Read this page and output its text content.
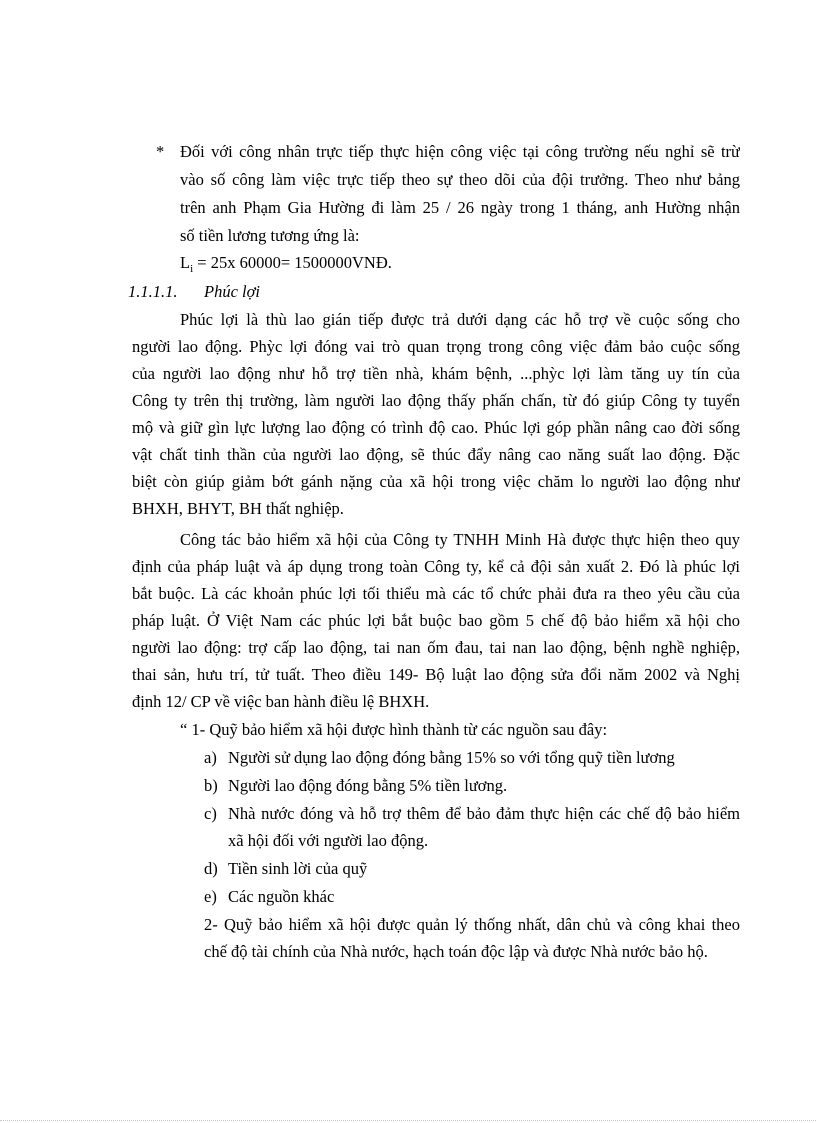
* Đối với công nhân trực tiếp thực hiện công việc tại công trường nếu nghỉ sẽ trừ
vào số công làm việc trực tiếp theo sự theo dõi của đội trưởng. Theo như bảng
trên anh Phạm Gia Hường đi làm 25 / 26 ngày trong 1 tháng, anh Hường nhận
số tiền lương tương ứng là:
$L_i = 25x$ 60000= 1500000VNĐ.
1.1.1.1. Phúc lợi
Phúc lợi là thù lao gián tiếp được trả dưới dạng các hỗ trợ về cuộc sống cho
người lao động. Phỳc lợi đóng vai trò quan trọng trong công việc đảm bảo cuộc sống
của người lao động như hỗ trợ tiền nhà, khám bệnh, ...phỳc lợi làm tăng uy tín của
Công ty trên thị trường, làm người lao động thấy phấn chấn, từ đó giúp Công ty tuyển
mộ và giữ gìn lực lượng lao động có trình độ cao. Phúc lợi góp phần nâng cao đời sống
vật chất tinh thần của người lao động, sẽ thúc đẩy nâng cao năng suất lao động. Đặc
biệt còn giúp giảm bớt gánh nặng của xã hội trong việc chăm lo người lao động như
BHXH, BHYT, BH thất nghiệp.
Công tác bảo hiểm xã hội của Công ty TNHH Minh Hà được thực hiện theo quy
định của pháp luật và áp dụng trong toàn Công ty, kể cả đội sản xuất 2. Đó là phúc lợi
bắt buộc. Là các khoản phúc lợi tối thiểu mà các tổ chức phải đưa ra theo yêu cầu của
pháp luật. Ở Việt Nam các phúc lợi bắt buộc bao gồm 5 chế độ bảo hiểm xã hội cho
người lao động: trợ cấp lao động, tai nan ốm đau, tai nan lao động, bệnh nghề nghiệp,
thai sản, hưu trí, tử tuất. Theo điều 149- Bộ luật lao động sửa đổi năm 2002 và Nghị
định 12/ CP về việc ban hành điều lệ BHXH.
“ 1- Quỹ bảo hiểm xã hội được hình thành từ các nguồn sau đây:
a) Người sử dụng lao động đóng bằng 15% so với tổng quỹ tiền lương
b) Người lao động đóng bằng 5% tiền lương.
c) Nhà nước đóng và hỗ trợ thêm để bảo đảm thực hiện các chế độ bảo hiểm
xã hội đối với người lao động.
d) Tiền sinh lời của quỹ
e) Các nguồn khác
2- Quỹ bảo hiểm xã hội được quản lý thống nhất, dân chủ và công khai theo
chế độ tài chính của Nhà nước, hạch toán độc lập và được Nhà nước bảo hộ.
